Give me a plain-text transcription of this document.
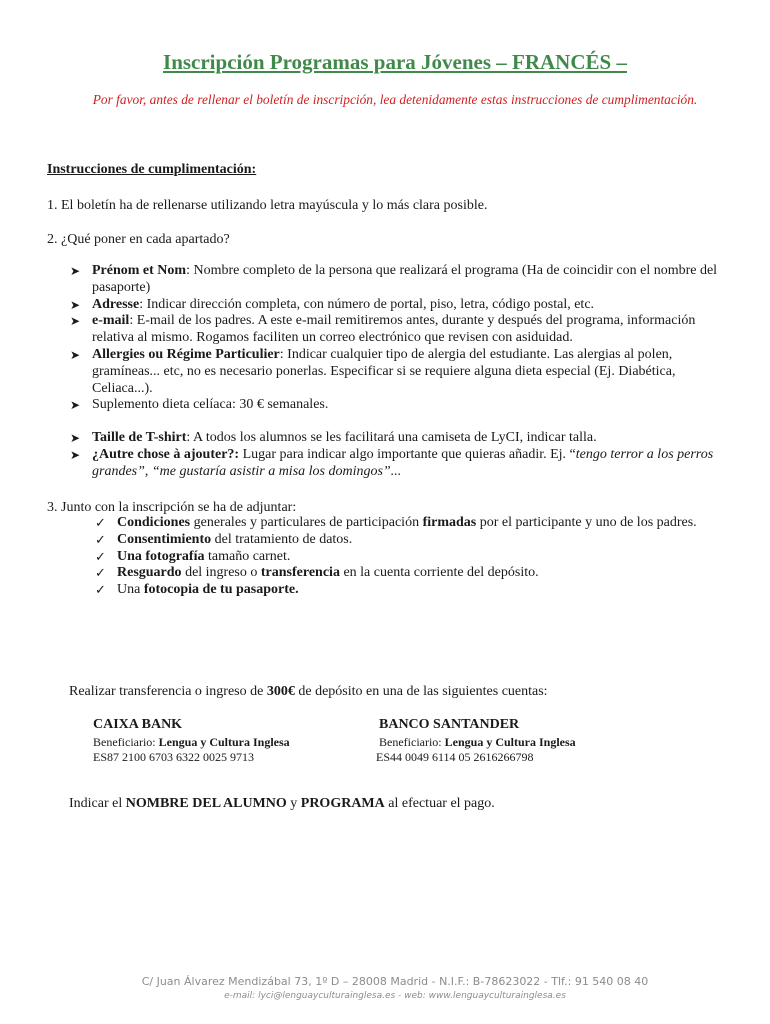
Inscripción Programas para Jóvenes – FRANCÉS –
Por favor, antes de rellenar el boletín de inscripción, lea detenidamente estas instrucciones de cumplimentación.
Instrucciones de cumplimentación:
1. El boletín ha de rellenarse utilizando letra mayúscula y lo más clara posible.
2. ¿Qué poner en cada apartado?
➤ Prénom et Nom: Nombre completo de la persona que realizará el programa (Ha de coincidir con el nombre del pasaporte)
➤ Adresse: Indicar dirección completa, con número de portal, piso, letra, código postal, etc.
➤ e-mail: E-mail de los padres. A este e-mail remitiremos antes, durante y después del programa, información relativa al mismo. Rogamos faciliten un correo electrónico que revisen con asiduidad.
➤ Allergies ou Régime Particulier: Indicar cualquier tipo de alergia del estudiante. Las alergias al polen, gramíneas... etc, no es necesario ponerlas. Especificar si se requiere alguna dieta especial (Ej. Diabética, Celiaca...).
➤ Suplemento dieta celíaca: 30 € semanales.
➤ Taille de T-shirt: A todos los alumnos se les facilitará una camiseta de LyCI, indicar talla.
➤ ¿Autre chose à ajouter?: Lugar para indicar algo importante que quieras añadir. Ej. “tengo terror a los perros grandes”, “me gustaría asistir a misa los domingos”...
3. Junto con la inscripción se ha de adjuntar:
✓ Condiciones generales y particulares de participación firmadas por el participante y uno de los padres.
✓ Consentimiento del tratamiento de datos.
✓ Una fotografía tamaño carnet.
✓ Resguardo del ingreso o transferencia en la cuenta corriente del depósito.
✓ Una fotocopia de tu pasaporte.
Realizar transferencia o ingreso de 300€ de depósito en una de las siguientes cuentas:
CAIXA BANK
Beneficiario: Lengua y Cultura Inglesa
ES87 2100 6703 6322 0025 9713
BANCO SANTANDER
Beneficiario: Lengua y Cultura Inglesa
ES44 0049 6114 05 2616266798
Indicar el NOMBRE DEL ALUMNO y PROGRAMA al efectuar el pago.
C/ Juan Álvarez Mendizábal 73, 1º D – 28008 Madrid - N.I.F.: B-78623022 - Tlf.: 91 540 08 40
e-mail: lyci@lenguayculturainglesa.es - web: www.lenguayculturainglesa.es
